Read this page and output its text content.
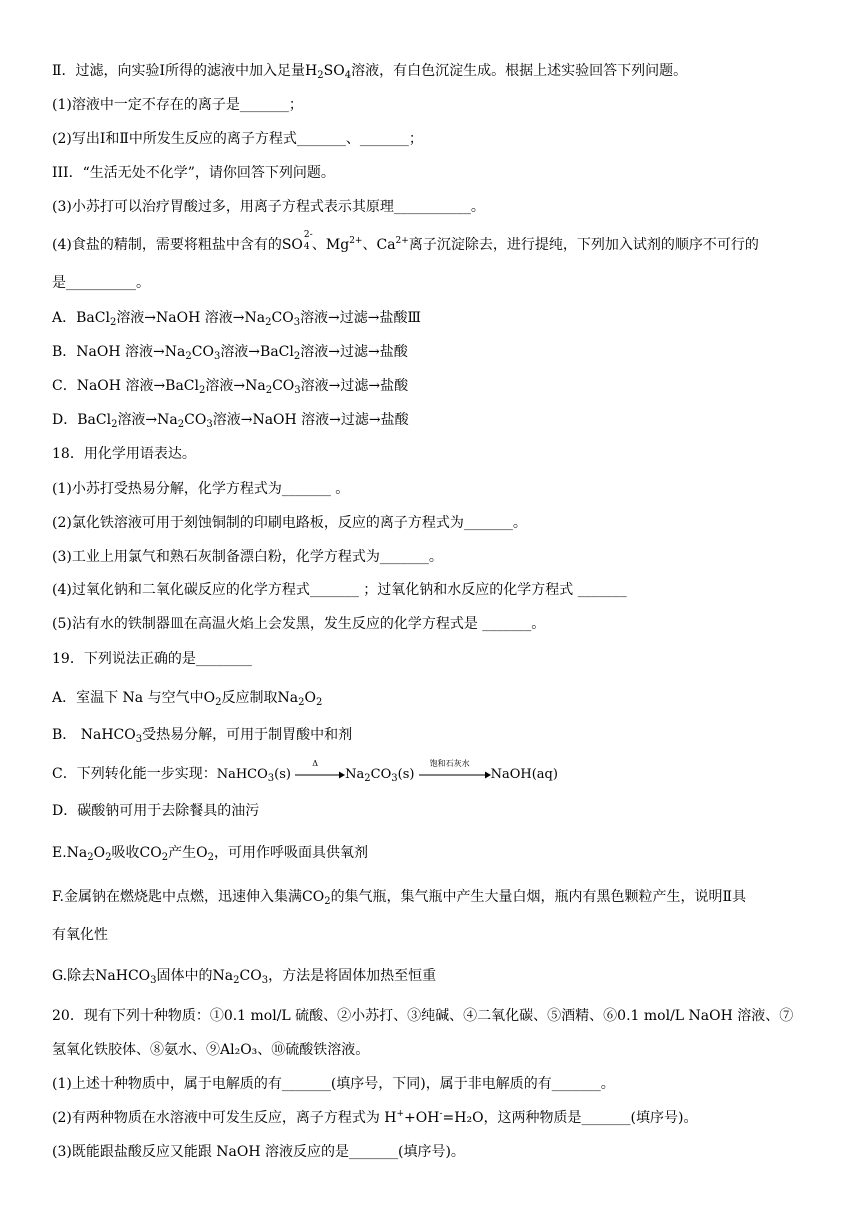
Ⅱ．过滤，向实验Ⅰ所得的滤液中加入足量$H_2SO_4$溶液，有白色沉淀生成。根据上述实验回答下列问题。
(1)溶液中一定不存在的离子是_______；
(2)写出Ⅰ和Ⅱ中所发生反应的离子方程式_______、_______；
III．“生活无处不化学”，请你回答下列问题。
(3)小苏打可以治疗胃酸过多，用离子方程式表示其原理___________。
(4)食盐的精制，需要将粗盐中含有的SO
2-
4 、$Mg^{2+}$、$Ca^{2+}$离子沉淀除去，进行提纯，下列加入试剂的顺序不可行的
是__________。
A．BaCl$_2$溶液→NaOH 溶液$\to Na_2CO_3$溶液→过滤→盐酸Ⅲ
B．NaOH 溶液$\to Na_2CO_3$溶液→BaCl$_2$溶液→过滤→盐酸
C．NaOH 溶液→BaCl$_2$溶液$\to Na_2CO_3$溶液→过滤→盐酸
D．BaCl$_2$溶液$\to Na_2CO_3$溶液→NaOH 溶液→过滤→盐酸
18．用化学用语表达。
(1)小苏打受热易分解，化学方程式为_______ 。
(2)氯化铁溶液可用于刻蚀铜制的印刷电路板，反应的离子方程式为_______。
(3)工业上用氯气和熟石灰制备漂白粉，化学方程式为_______。
(4)过氧化钠和二氧化碳反应的化学方程式_______ ；过氧化钠和水反应的化学方程式 _______
(5)沾有水的铁制器皿在高温火焰上会发黑，发生反应的化学方程式是 _______。
19．下列说法正确的是________
A．室温下 Na 与空气中$O_2$反应制取$Na_2O_2$
B． NaHCO$_3$受热易分解，可用于制胃酸中和剂
C．下列转化能一步实现：NaHCO$_3$(s)
Δ
$Na_2CO_3(s)$
饱和石灰水
NaOH(aq)
D．碳酸钠可用于去除餐具的油污
$E.Na_2O_2$吸收$CO_2$产生$O_2$，可用作呼吸面具供氧剂
F.金属钠在燃烧匙中点燃，迅速伸入集满$CO_2$的集气瓶，集气瓶中产生大量白烟，瓶内有黑色颗粒产生，说明Ⅱ具
有氧化性
G.除去NaHCO$_3$固体中的$Na_2CO_3$，方法是将固体加热至恒重
20．现有下列十种物质：①0.1 mol/L 硫酸、②小苏打、③纯碱、④二氧化碳、⑤酒精、⑥0.1 mol/L NaOH 溶液、⑦
氢氧化铁胶体、⑧氨水、⑨Al₂O₃、⑩硫酸铁溶液。
(1)上述十种物质中，属于电解质的有_______(填序号，下同)，属于非电解质的有_______。
(2)有两种物质在水溶液中可发生反应，离子方程式为 H++OH-=H₂O，这两种物质是_______(填序号)。
(3)既能跟盐酸反应又能跟 NaOH 溶液反应的是_______(填序号)。
